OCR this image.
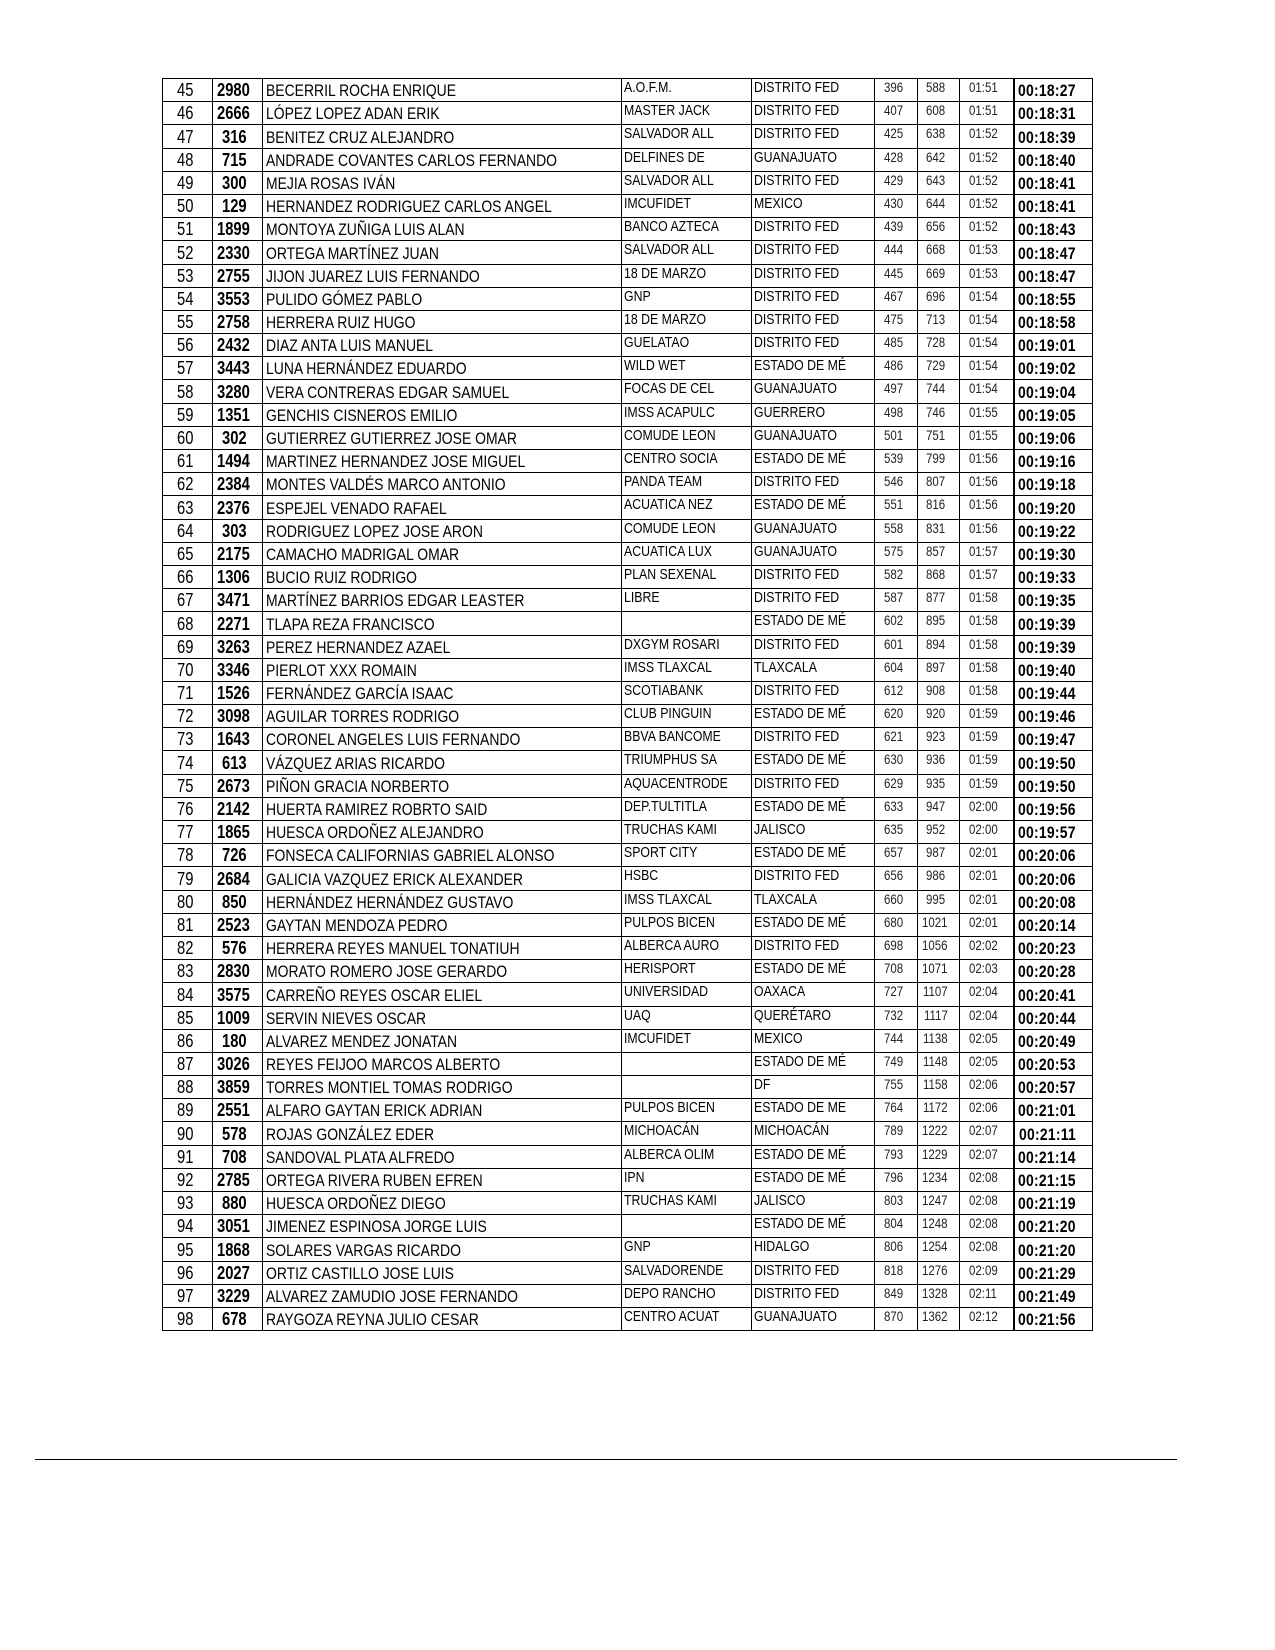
45	2980	BECERRIL ROCHA ENRIQUE	A.O.F.M.	DISTRITO FED	396	588	01:51	00:18:27
46	2666	LÓPEZ LOPEZ ADAN ERIK	MASTER JACK	DISTRITO FED	407	608	01:51	00:18:31
47	316	BENITEZ CRUZ ALEJANDRO	SALVADOR ALL	DISTRITO FED	425	638	01:52	00:18:39
48	715	ANDRADE COVANTES CARLOS FERNANDO	DELFINES DE	GUANAJUATO	428	642	01:52	00:18:40
49	300	MEJIA ROSAS IVÁN	SALVADOR ALL	DISTRITO FED	429	643	01:52	00:18:41
50	129	HERNANDEZ RODRIGUEZ CARLOS ANGEL	IMCUFIDET	MEXICO	430	644	01:52	00:18:41
51	1899	MONTOYA ZUÑIGA LUIS ALAN	BANCO AZTECA	DISTRITO FED	439	656	01:52	00:18:43
52	2330	ORTEGA MARTÍNEZ JUAN	SALVADOR ALL	DISTRITO FED	444	668	01:53	00:18:47
53	2755	JIJON JUAREZ LUIS FERNANDO	18 DE MARZO	DISTRITO FED	445	669	01:53	00:18:47
54	3553	PULIDO GÓMEZ PABLO	GNP	DISTRITO FED	467	696	01:54	00:18:55
55	2758	HERRERA RUIZ HUGO	18 DE MARZO	DISTRITO FED	475	713	01:54	00:18:58
56	2432	DIAZ ANTA LUIS MANUEL	GUELATAO	DISTRITO FED	485	728	01:54	00:19:01
57	3443	LUNA HERNÁNDEZ EDUARDO	WILD WET	ESTADO DE MÉ	486	729	01:54	00:19:02
58	3280	VERA CONTRERAS EDGAR SAMUEL	FOCAS DE CEL	GUANAJUATO	497	744	01:54	00:19:04
59	1351	GENCHIS CISNEROS EMILIO	IMSS ACAPULC	GUERRERO	498	746	01:55	00:19:05
60	302	GUTIERREZ GUTIERREZ JOSE OMAR	COMUDE LEON	GUANAJUATO	501	751	01:55	00:19:06
61	1494	MARTINEZ HERNANDEZ JOSE MIGUEL	CENTRO SOCIA	ESTADO DE MÉ	539	799	01:56	00:19:16
62	2384	MONTES VALDÉS MARCO ANTONIO	PANDA TEAM	DISTRITO FED	546	807	01:56	00:19:18
63	2376	ESPEJEL VENADO RAFAEL	ACUATICA NEZ	ESTADO DE MÉ	551	816	01:56	00:19:20
64	303	RODRIGUEZ LOPEZ JOSE ARON	COMUDE LEON	GUANAJUATO	558	831	01:56	00:19:22
65	2175	CAMACHO MADRIGAL OMAR	ACUATICA LUX	GUANAJUATO	575	857	01:57	00:19:30
66	1306	BUCIO RUIZ RODRIGO	PLAN SEXENAL	DISTRITO FED	582	868	01:57	00:19:33
67	3471	MARTÍNEZ BARRIOS EDGAR LEASTER	LIBRE	DISTRITO FED	587	877	01:58	00:19:35
68	2271	TLAPA REZA FRANCISCO		ESTADO DE MÉ	602	895	01:58	00:19:39
69	3263	PEREZ HERNANDEZ AZAEL	DXGYM ROSARI	DISTRITO FED	601	894	01:58	00:19:39
70	3346	PIERLOT XXX ROMAIN	IMSS TLAXCAL	TLAXCALA	604	897	01:58	00:19:40
71	1526	FERNÁNDEZ GARCÍA ISAAC	SCOTIABANK	DISTRITO FED	612	908	01:58	00:19:44
72	3098	AGUILAR TORRES RODRIGO	CLUB PINGUIN	ESTADO DE MÉ	620	920	01:59	00:19:46
73	1643	CORONEL ANGELES LUIS FERNANDO	BBVA BANCOME	DISTRITO FED	621	923	01:59	00:19:47
74	613	VÁZQUEZ ARIAS RICARDO	TRIUMPHUS SA	ESTADO DE MÉ	630	936	01:59	00:19:50
75	2673	PIÑON GRACIA NORBERTO	AQUACENTRODE	DISTRITO FED	629	935	01:59	00:19:50
76	2142	HUERTA RAMIREZ ROBRTO SAID	DEP.TULTITLA	ESTADO DE MÉ	633	947	02:00	00:19:56
77	1865	HUESCA ORDOÑEZ ALEJANDRO	TRUCHAS KAMI	JALISCO	635	952	02:00	00:19:57
78	726	FONSECA CALIFORNIAS GABRIEL ALONSO	SPORT CITY	ESTADO DE MÉ	657	987	02:01	00:20:06
79	2684	GALICIA VAZQUEZ ERICK ALEXANDER	HSBC	DISTRITO FED	656	986	02:01	00:20:06
80	850	HERNÁNDEZ HERNÁNDEZ GUSTAVO	IMSS TLAXCAL	TLAXCALA	660	995	02:01	00:20:08
81	2523	GAYTAN MENDOZA PEDRO	PULPOS BICEN	ESTADO DE MÉ	680	1021	02:01	00:20:14
82	576	HERRERA REYES MANUEL TONATIUH	ALBERCA AURO	DISTRITO FED	698	1056	02:02	00:20:23
83	2830	MORATO ROMERO JOSE GERARDO	HERISPORT	ESTADO DE MÉ	708	1071	02:03	00:20:28
84	3575	CARREÑO REYES OSCAR ELIEL	UNIVERSIDAD	OAXACA	727	1107	02:04	00:20:41
85	1009	SERVIN NIEVES OSCAR	UAQ	QUERÉTARO	732	1117	02:04	00:20:44
86	180	ALVAREZ MENDEZ JONATAN	IMCUFIDET	MEXICO	744	1138	02:05	00:20:49
87	3026	REYES FEIJOO MARCOS ALBERTO		ESTADO DE MÉ	749	1148	02:05	00:20:53
88	3859	TORRES MONTIEL TOMAS RODRIGO		DF	755	1158	02:06	00:20:57
89	2551	ALFARO GAYTAN ERICK ADRIAN	PULPOS BICEN	ESTADO DE ME	764	1172	02:06	00:21:01
90	578	ROJAS GONZÁLEZ EDER	MICHOACÁN	MICHOACÁN	789	1222	02:07	00:21:11
91	708	SANDOVAL PLATA ALFREDO	ALBERCA OLIM	ESTADO DE MÉ	793	1229	02:07	00:21:14
92	2785	ORTEGA RIVERA RUBEN EFREN	IPN	ESTADO DE MÉ	796	1234	02:08	00:21:15
93	880	HUESCA ORDOÑEZ DIEGO	TRUCHAS KAMI	JALISCO	803	1247	02:08	00:21:19
94	3051	JIMENEZ ESPINOSA JORGE LUIS		ESTADO DE MÉ	804	1248	02:08	00:21:20
95	1868	SOLARES VARGAS RICARDO	GNP	HIDALGO	806	1254	02:08	00:21:20
96	2027	ORTIZ CASTILLO JOSE LUIS	SALVADORENDE	DISTRITO FED	818	1276	02:09	00:21:29
97	3229	ALVAREZ ZAMUDIO JOSE FERNANDO	DEPO RANCHO	DISTRITO FED	849	1328	02:11	00:21:49
98	678	RAYGOZA REYNA JULIO CESAR	CENTRO ACUAT	GUANAJUATO	870	1362	02:12	00:21:56
